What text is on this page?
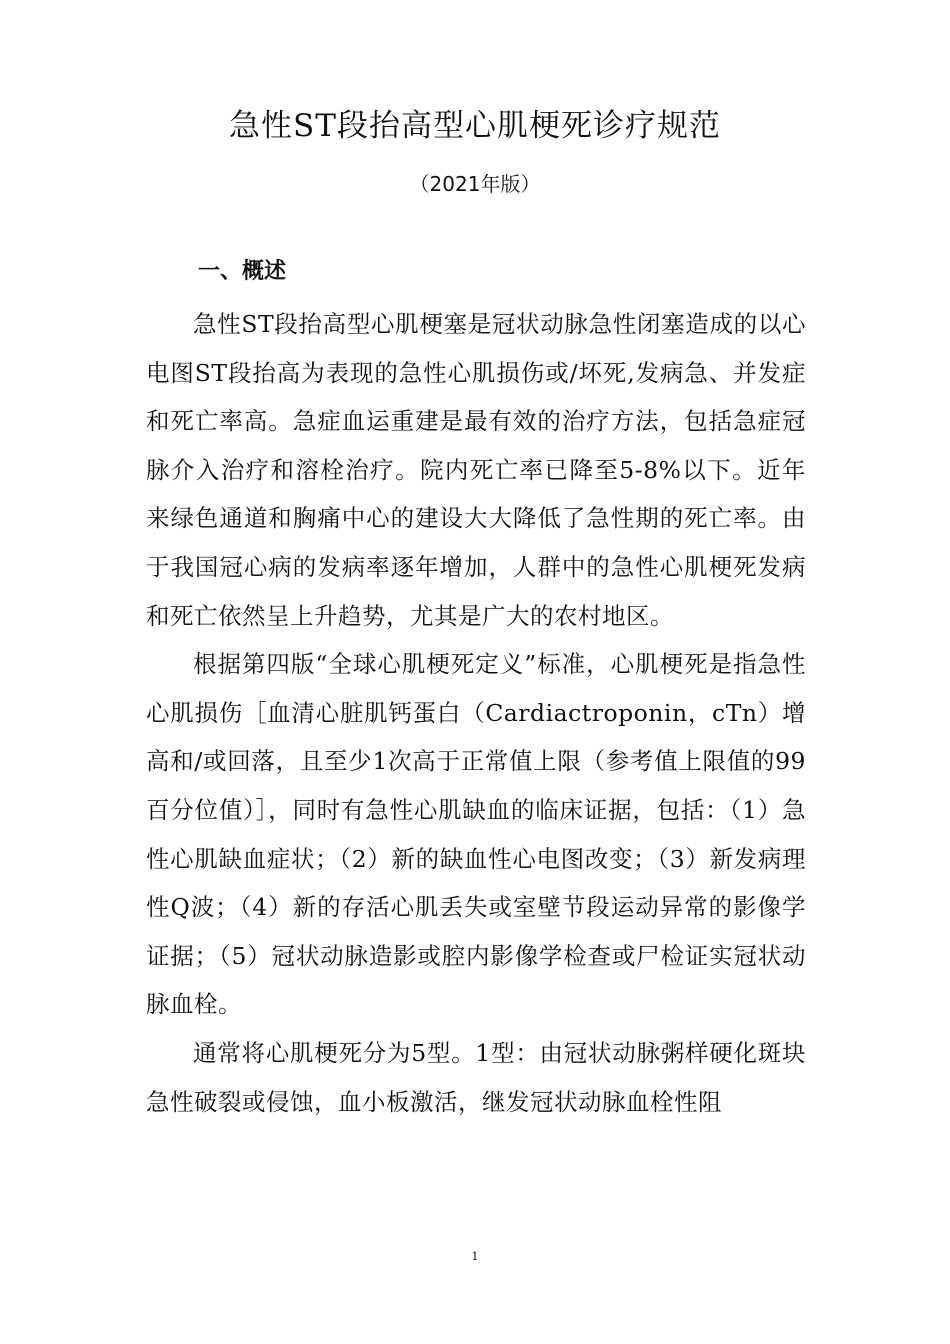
急性ST段抬高型心肌梗死诊疗规范
（2021年版）
一、概述

急性ST段抬高型心肌梗塞是冠状动脉急性闭塞造成的以心电图ST段抬高为表现的急性心肌损伤或/坏死,发病急、并发症和死亡率高。急症血运重建是最有效的治疗方法，包括急症冠脉介入治疗和溶栓治疗。院内死亡率已降至5-8%以下。近年来绿色通道和胸痛中心的建设大大降低了急性期的死亡率。由于我国冠心病的发病率逐年增加，人群中的急性心肌梗死发病和死亡依然呈上升趋势，尤其是广大的农村地区。

根据第四版“全球心肌梗死定义”标准，心肌梗死是指急性心肌损伤［血清心脏肌钙蛋白（Cardiactroponin，cTn）增高和/或回落，且至少1次高于正常值上限（参考值上限值的99百分位值）］，同时有急性心肌缺血的临床证据，包括：（1）急性心肌缺血症状；（2）新的缺血性心电图改变；（3）新发病理性Q波；（4）新的存活心肌丢失或室壁节段运动异常的影像学证据；（5）冠状动脉造影或腔内影像学检查或尸检证实冠状动脉血栓。

通常将心肌梗死分为5型。1型：由冠状动脉粥样硬化斑块急性破裂或侵蚀，血小板激活，继发冠状动脉血栓性阻

1
